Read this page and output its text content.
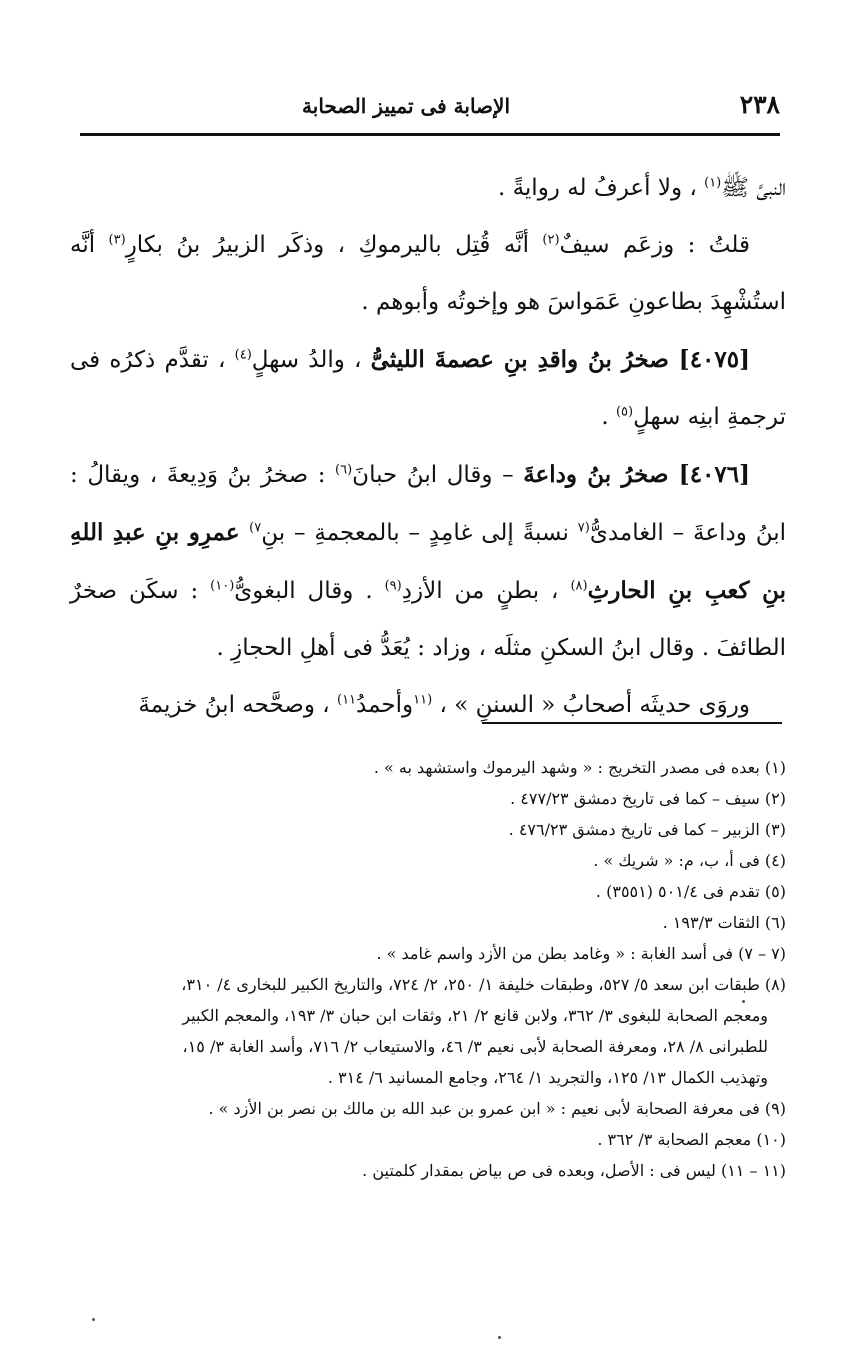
٢٣٨
الإصابة فى تمييز الصحابة

النبىَّ ﷺ$^{(١)}$ ، ولا أعرفُ له روايةً .

قلتُ : وزعَم سيفٌ$^{(٢)}$ أنَّه قُتِل باليرموكِ ، وذكَر الزبيرُ بنُ بكارٍ$^{(٣)}$ أنَّه استُشْهِدَ بطاعونِ عَمَواسَ هو وإخوتُه وأبوهم .

[٤٠٧٥] صخرُ بنُ واقدِ بنِ عصمةَ الليثىُّ ، والدُ سهلٍ$^{(٤)}$ ، تقدَّم ذكرُه فى ترجمةِ ابنِه سهلٍ$^{(٥)}$ .

[٤٠٧٦] صخرُ بنُ وداعةَ – وقال ابنُ حبانَ$^{(٦)}$ : صخرُ بنُ وَدِيعةَ ، ويقالُ : ابنُ وداعةَ – الغامدىُّ$^{(٧}$ نسبةً إلى غامِدٍ – بالمعجمةِ – بنِ$^{٧)}$ عمرِو بنِ عبدِ اللهِ بنِ كعبِ بنِ الحارثِ$^{(٨)}$ ، بطنٍ من الأزدِ$^{(٩)}$ . وقال البغوىُّ$^{(١٠)}$ : سكَن صخرٌ الطائفَ . وقال ابنُ السكنِ مثلَه ، وزاد : يُعَدُّ فى أهلِ الحجازِ .

وروَى حديثَه أصحابُ « السننِ » ، $^{(١١}$وأحمدُ$^{١١)}$ ، وصحَّحه ابنُ خزيمةَ

(١) بعده فى مصدر التخريج : « وشهد اليرموك واستشهد به » .

(٢) سيف – كما فى تاريخ دمشق ٤٧٧/٢٣ .

(٣) الزبير – كما فى تاريخ دمشق ٤٧٦/٢٣ .

(٤) فى أ، ب، م: « شريك » .

(٥) تقدم فى ٥٠١/٤ (٣٥٥١) .

(٦) الثقات ١٩٣/٣ .

(٧ – ٧) فى أسد الغابة : « وغامد بطن من الأزد واسم غامد » .

(٨) طبقات ابن سعد ٥/ ٥٢٧، وطبقات خليفة ١/ ٢٥٠، ٢/ ٧٢٤، والتاريخ الكبير للبخارى ٤/ ٣١٠،

ومعجم الصحابة للبغوى ٣/ ٣٦٢، ولابن قانع ٢/ ٢١، وثقات ابن حبان ٣/ ١٩٣، والمعجم الكبير

للطبرانى ٨/ ٢٨، ومعرفة الصحابة لأبى نعيم ٣/ ٤٦، والاستيعاب ٢/ ٧١٦، وأسد الغابة ٣/ ١٥،

وتهذيب الكمال ١٣/ ١٢٥، والتجريد ١/ ٢٦٤، وجامع المسانيد ٦/ ٣١٤ .

(٩) فى معرفة الصحابة لأبى نعيم : « ابن عمرو بن عبد الله بن مالك بن نصر بن الأزد » .

(١٠) معجم الصحابة ٣/ ٣٦٢ .

(١١ – ١١) ليس فى : الأصل، وبعده فى ص بياض بمقدار كلمتين .
